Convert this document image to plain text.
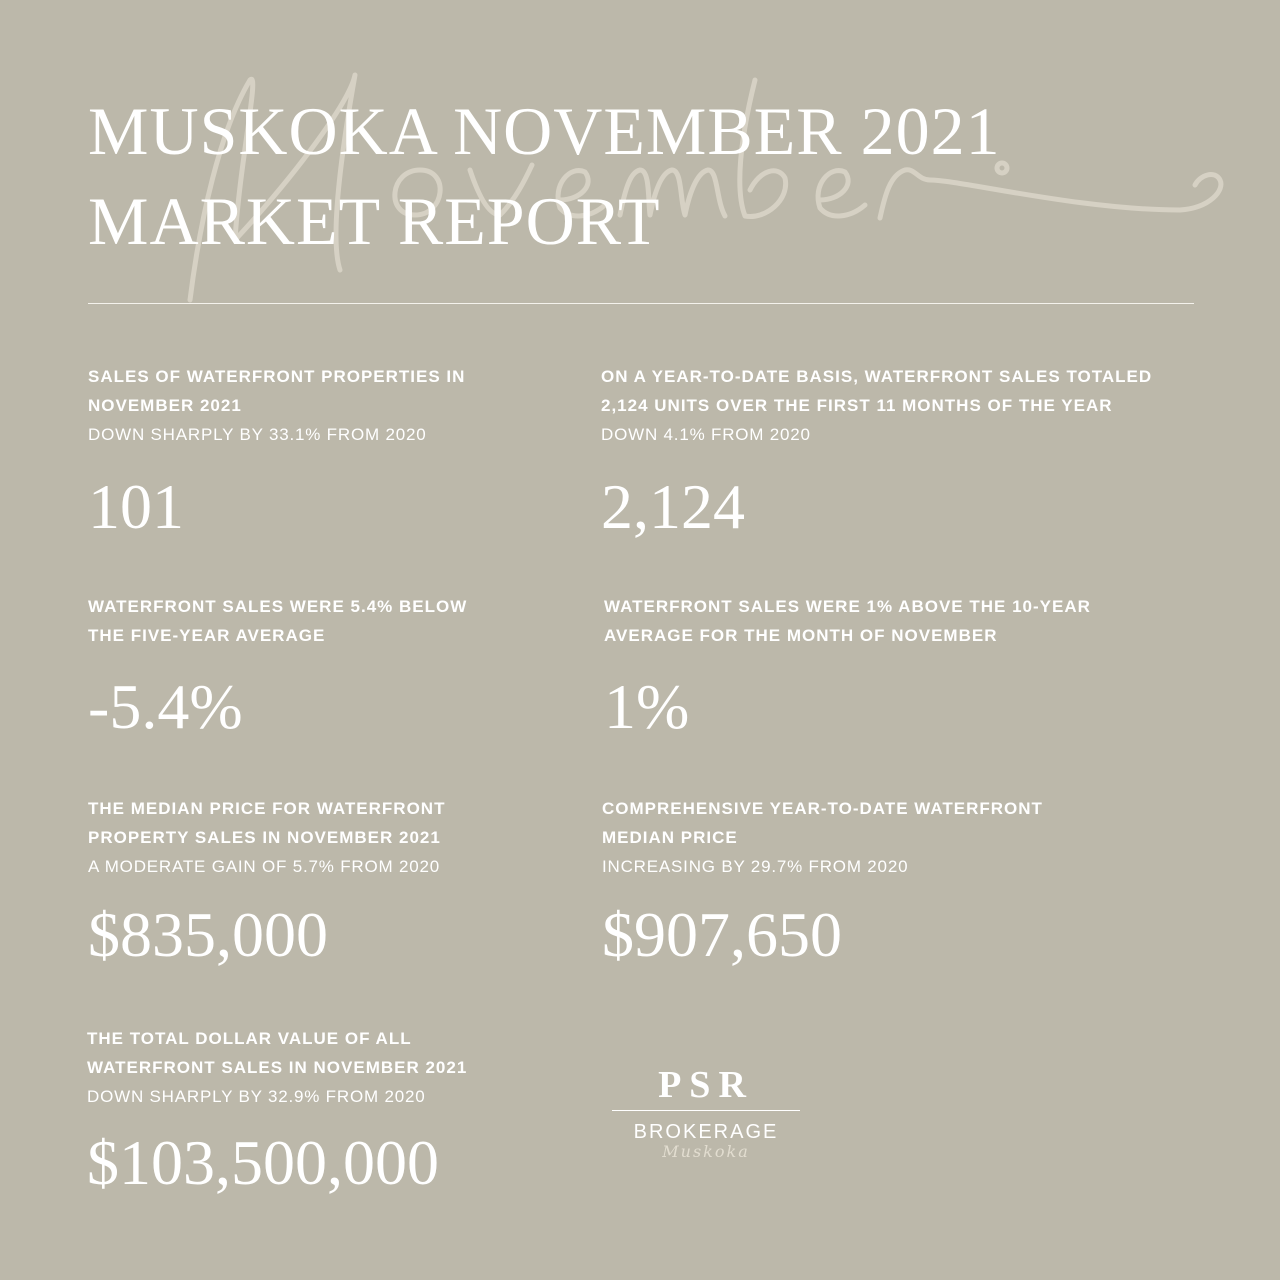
MUSKOKA NOVEMBER 2021
MARKET REPORT

SALES OF WATERFRONT PROPERTIES IN
NOVEMBER 2021

DOWN SHARPLY BY 33.1% FROM 2020

101

ON A YEAR-TO-DATE BASIS, WATERFRONT SALES TOTALED
2,124 UNITS OVER THE FIRST 11 MONTHS OF THE YEAR

DOWN 4.1% FROM 2020

2,124

WATERFRONT SALES WERE 5.4% BELOW
THE FIVE-YEAR AVERAGE

-5.4%

WATERFRONT SALES WERE 1% ABOVE THE 10-YEAR
AVERAGE FOR THE MONTH OF NOVEMBER

1%

THE MEDIAN PRICE FOR WATERFRONT
PROPERTY SALES IN NOVEMBER 2021

A MODERATE GAIN OF 5.7% FROM 2020

$835,000

COMPREHENSIVE YEAR-TO-DATE WATERFRONT
MEDIAN PRICE

INCREASING BY 29.7% FROM 2020

$907,650

THE TOTAL DOLLAR VALUE OF ALL
WATERFRONT SALES IN NOVEMBER 2021

DOWN SHARPLY BY 32.9% FROM 2020

$103,500,000

PSR
BROKERAGE
Muskoka
